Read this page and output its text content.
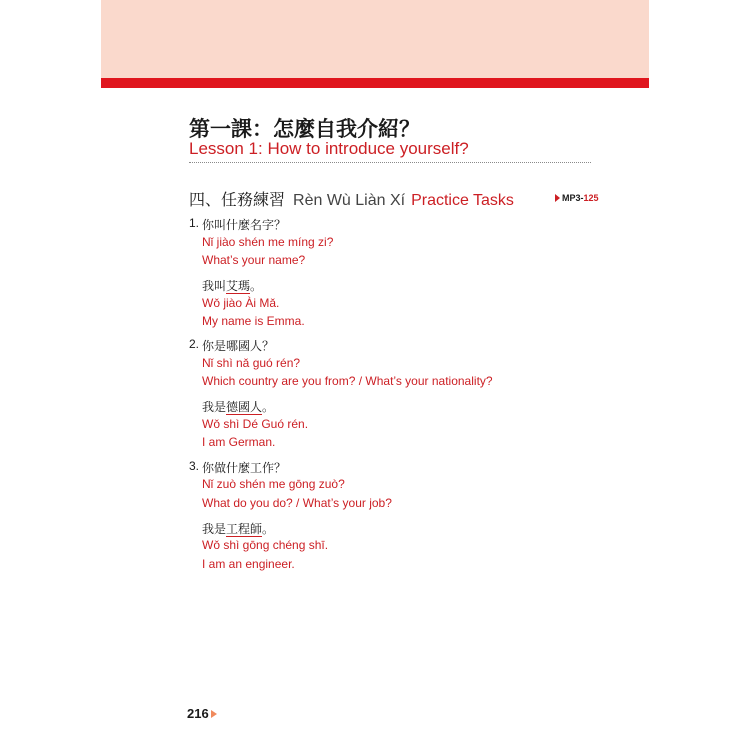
第一課：怎麼自我介紹？
Lesson 1: How to introduce yourself?
四、任務練習 Rèn Wù Liàn Xí Practice Tasks	MP3-125
1. 你叫什麼名字？
Nǐ jiào shén me míng zi?
What’s your name?
我叫艾瑪。
Wǒ jiào Ài Mǎ.
My name is Emma.
2. 你是哪國人？
Nǐ shì nǎ guó rén?
Which country are you from? / What’s your nationality?
我是德國人。
Wǒ shì Dé Guó rén.
I am German.
3. 你做什麼工作？
Nǐ zuò shén me gōng zuò?
What do you do? / What’s your job?
我是工程師。
Wǒ shì gōng chéng shī.
I am an engineer.
216
